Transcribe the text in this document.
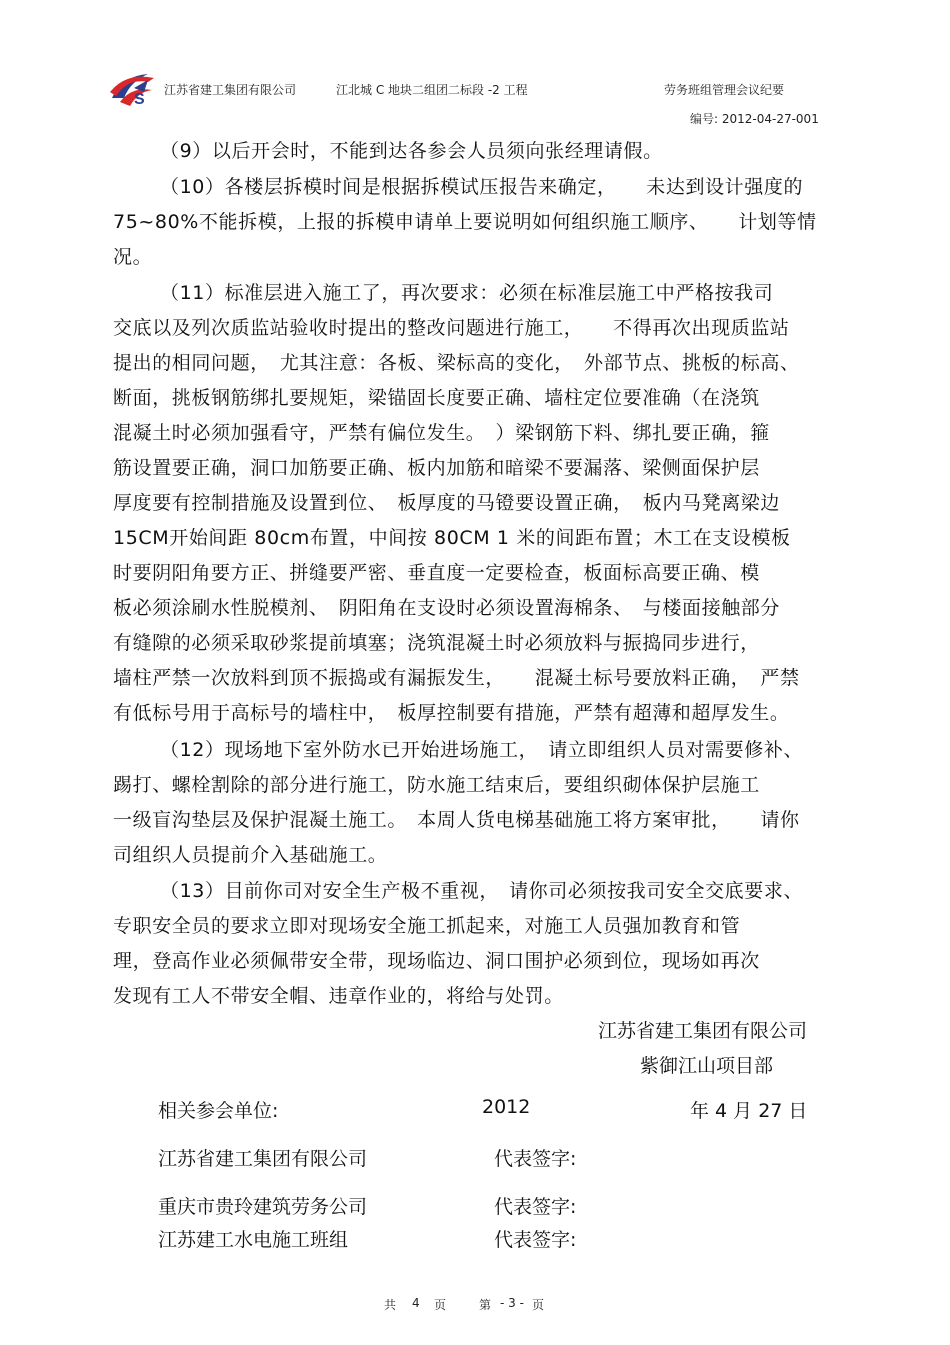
S
江苏省建工集团有限公司	江北城 C 地块二组团二标段 -2 工程	劳务班组管理会议纪要
编号: 2012-04-27-001
（9）以后开会时，不能到达各参会人员须向张经理请假。
（10）各楼层拆模时间是根据拆模试压报告来确定，　　未达到设计强度的
75~80%不能拆模，上报的拆模申请单上要说明如何组织施工顺序、　　计划等情
况。
（11）标准层进入施工了，再次要求：必须在标准层施工中严格按我司
交底以及列次质监站验收时提出的整改问题进行施工，　　不得再次出现质监站
提出的相同问题，　尤其注意：各板、梁标高的变化，　外部节点、挑板的标高、
断面，挑板钢筋绑扎要规矩，梁锚固长度要正确、墙柱定位要准确（在浇筑
混凝土时必须加强看守，严禁有偏位发生。　）梁钢筋下料、绑扎要正确，箍
筋设置要正确，洞口加筋要正确、板内加筋和暗梁不要漏落、梁侧面保护层
厚度要有控制措施及设置到位、　板厚度的马镫要设置正确，　板内马凳离梁边
15CM开始间距 80cm布置，中间按 80CM 1 米的间距布置；木工在支设模板
时要阴阳角要方正、拼缝要严密、垂直度一定要检查，板面标高要正确、模
板必须涂刷水性脱模剂、　阴阳角在支设时必须设置海棉条、　与楼面接触部分
有缝隙的必须采取砂浆提前填塞；浇筑混凝土时必须放料与振捣同步进行，
墙柱严禁一次放料到顶不振捣或有漏振发生，　　混凝土标号要放料正确，　严禁
有低标号用于高标号的墙柱中，　板厚控制要有措施，严禁有超薄和超厚发生。
（12）现场地下室外防水已开始进场施工，　请立即组织人员对需要修补、
踢打、螺栓割除的部分进行施工，防水施工结束后，要组织砌体保护层施工
一级盲沟垫层及保护混凝土施工。　本周人货电梯基础施工将方案审批，　　请你
司组织人员提前介入基础施工。
（13）目前你司对安全生产极不重视，　请你司必须按我司安全交底要求、
专职安全员的要求立即对现场安全施工抓起来，对施工人员强加教育和管
理，登高作业必须佩带安全带，现场临边、洞口围护必须到位，现场如再次
发现有工人不带安全帽、违章作业的，将给与处罚。
江苏省建工集团有限公司
紫御江山项目部
相关参会单位:	2012	年 4 月 27 日
江苏省建工集团有限公司	代表签字:
重庆市贵玲建筑劳务公司	代表签字:
江苏建工水电施工班组	代表签字:
共 4 页	第 - 3 - 页
